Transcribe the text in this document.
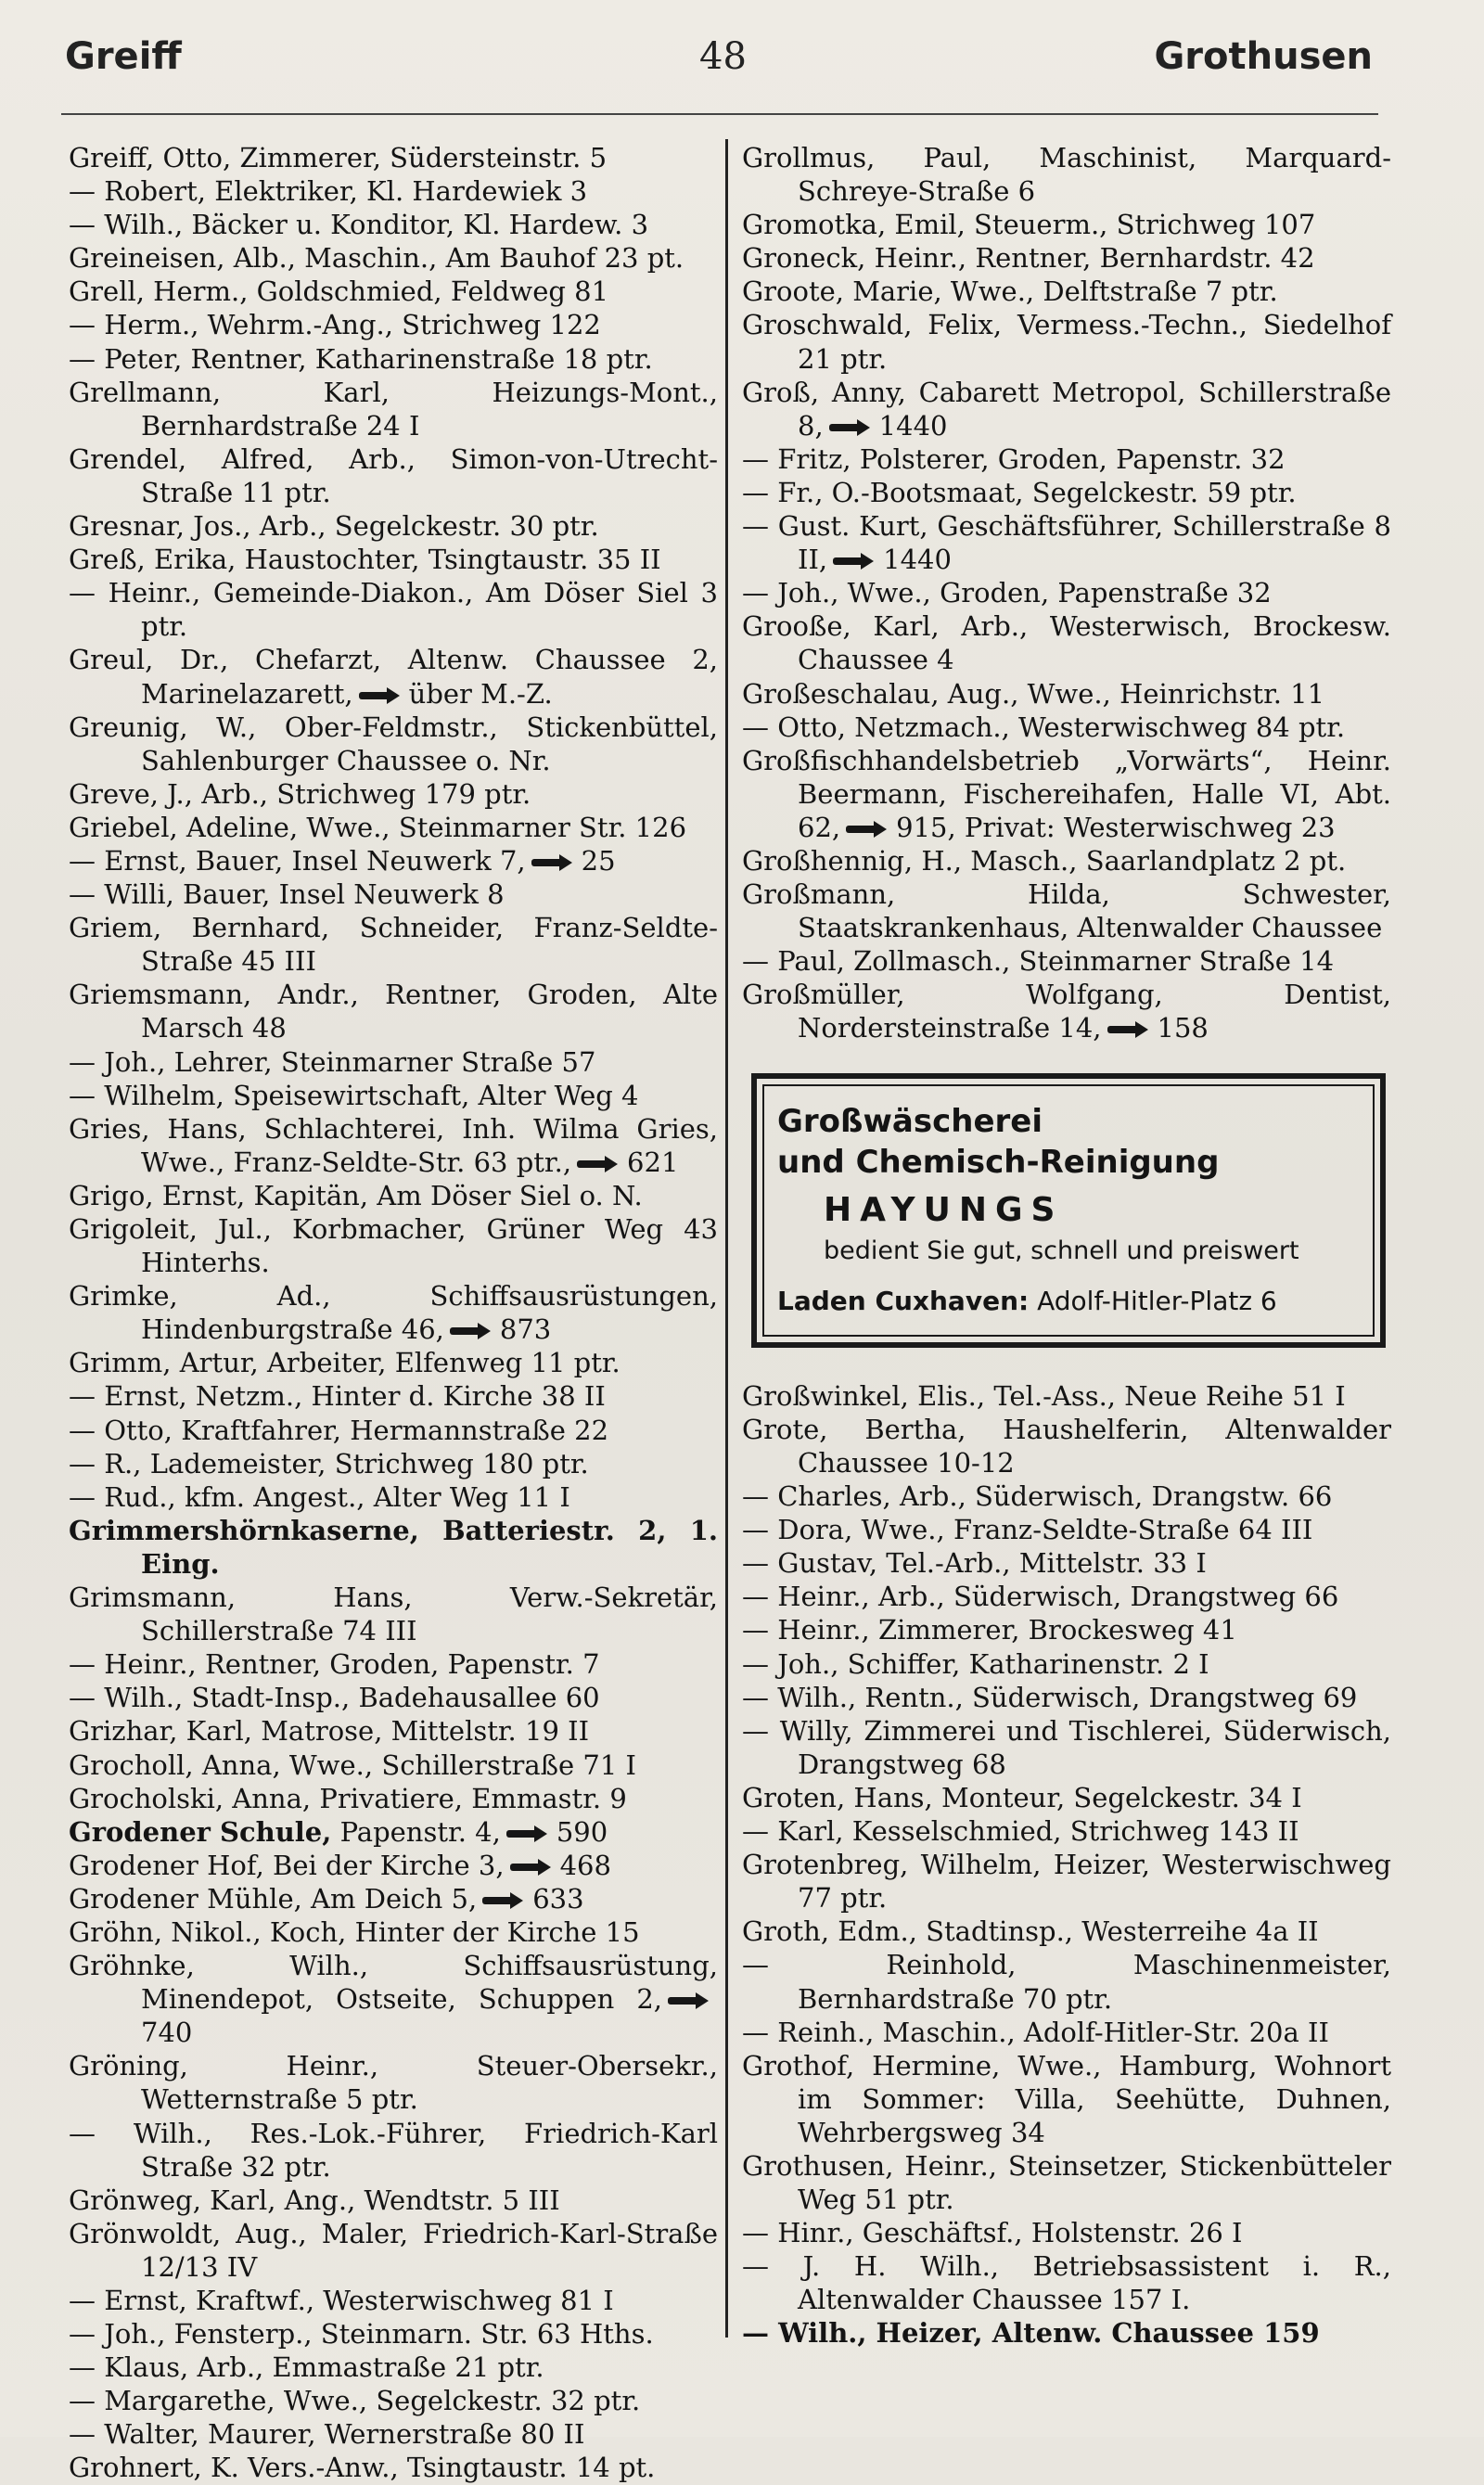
Greiff	48	Grothusen

Greiff, Otto, Zimmerer, Südersteinstr. 5

— Robert, Elektriker, Kl. Hardewiek 3

— Wilh., Bäcker u. Konditor, Kl. Hardew. 3

Greineisen, Alb., Maschin., Am Bauhof 23 pt.

Grell, Herm., Goldschmied, Feldweg 81

— Herm., Wehrm.-Ang., Strichweg 122

— Peter, Rentner, Katharinenstraße 18 ptr.

Grellmann, Karl, Heizungs-Mont., Bernhardstraße 24 I

Grendel, Alfred, Arb., Simon-von-Utrecht-Straße 11 ptr.

Gresnar, Jos., Arb., Segelckestr. 30 ptr.

Greß, Erika, Haustochter, Tsingtaustr. 35 II

— Heinr., Gemeinde-Diakon., Am Döser Siel 3 ptr.

Greul, Dr., Chefarzt, Altenw. Chaussee 2, Marinelazarett, über M.-Z.

Greunig, W., Ober-Feldmstr., Stickenbüttel, Sahlenburger Chaussee o. Nr.

Greve, J., Arb., Strichweg 179 ptr.

Griebel, Adeline, Wwe., Steinmarner Str. 126

— Ernst, Bauer, Insel Neuwerk 7, 25

— Willi, Bauer, Insel Neuwerk 8

Griem, Bernhard, Schneider, Franz-Seldte-Straße 45 III

Griemsmann, Andr., Rentner, Groden, Alte Marsch 48

— Joh., Lehrer, Steinmarner Straße 57

— Wilhelm, Speisewirtschaft, Alter Weg 4

Gries, Hans, Schlachterei, Inh. Wilma Gries, Wwe., Franz-Seldte-Str. 63 ptr., 621

Grigo, Ernst, Kapitän, Am Döser Siel o. N.

Grigoleit, Jul., Korbmacher, Grüner Weg 43 Hinterhs.

Grimke, Ad., Schiffsausrüstungen, Hindenburgstraße 46, 873

Grimm, Artur, Arbeiter, Elfenweg 11 ptr.

— Ernst, Netzm., Hinter d. Kirche 38 II

— Otto, Kraftfahrer, Hermannstraße 22

— R., Lademeister, Strichweg 180 ptr.

— Rud., kfm. Angest., Alter Weg 11 I

Grimmershörnkaserne, Batteriestr. 2, 1. Eing.

Grimsmann, Hans, Verw.-Sekretär, Schillerstraße 74 III

— Heinr., Rentner, Groden, Papenstr. 7

— Wilh., Stadt-Insp., Badehausallee 60

Grizhar, Karl, Matrose, Mittelstr. 19 II

Grocholl, Anna, Wwe., Schillerstraße 71 I

Grocholski, Anna, Privatiere, Emmastr. 9

Grodener Schule, Papenstr. 4, 590

Grodener Hof, Bei der Kirche 3, 468

Grodener Mühle, Am Deich 5, 633

Gröhn, Nikol., Koch, Hinter der Kirche 15

Gröhnke, Wilh., Schiffsausrüstung, Minendepot, Ostseite, Schuppen 2,740

Gröning, Heinr., Steuer-Obersekr., Wetternstraße 5 ptr.

— Wilh., Res.-Lok.-Führer, Friedrich-Karl Straße 32 ptr.

Grönweg, Karl, Ang., Wendtstr. 5 III

Grönwoldt, Aug., Maler, Friedrich-Karl-Straße 12/13 IV

— Ernst, Kraftwf., Westerwischweg 81 I

— Joh., Fensterp., Steinmarn. Str. 63 Hths.

— Klaus, Arb., Emmastraße 21 ptr.

— Margarethe, Wwe., Segelckestr. 32 ptr.

— Walter, Maurer, Wernerstraße 80 II

Grohnert, K. Vers.-Anw., Tsingtaustr. 14 pt.

Grollmus, Paul, Maschinist, Marquard-Schreye-Straße 6

Gromotka, Emil, Steuerm., Strichweg 107

Groneck, Heinr., Rentner, Bernhardstr. 42

Groote, Marie, Wwe., Delftstraße 7 ptr.

Groschwald, Felix, Vermess.-Techn., Siedelhof 21 ptr.

Groß, Anny, Cabarett Metropol, Schillerstraße 8, 1440

— Fritz, Polsterer, Groden, Papenstr. 32

— Fr., O.-Bootsmaat, Segelckestr. 59 ptr.

— Gust. Kurt, Geschäftsführer, Schillerstraße 8 II, 1440

— Joh., Wwe., Groden, Papenstraße 32

Grooße, Karl, Arb., Westerwisch, Brockesw. Chaussee 4

Großeschalau, Aug., Wwe., Heinrichstr. 11

— Otto, Netzmach., Westerwischweg 84 ptr.

Großfischhandelsbetrieb „Vorwärts“, Heinr. Beermann, Fischereihafen, Halle VI, Abt. 62, 915, Privat: Westerwischweg 23

Großhennig, H., Masch., Saarlandplatz 2 pt.

Großmann, Hilda, Schwester, Staatskrankenhaus, Altenwalder Chaussee

— Paul, Zollmasch., Steinmarner Straße 14

Großmüller, Wolfgang, Dentist, Nordersteinstraße 14, 158

Großwäscherei
und Chemisch-Reinigung
HAYUNGS
bedient Sie gut, schnell und preiswert
Laden Cuxhaven: Adolf-Hitler-Platz 6

Großwinkel, Elis., Tel.-Ass., Neue Reihe 51 I

Grote, Bertha, Haushelferin, Altenwalder Chaussee 10-12

— Charles, Arb., Süderwisch, Drangstw. 66

— Dora, Wwe., Franz-Seldte-Straße 64 III

— Gustav, Tel.-Arb., Mittelstr. 33 I

— Heinr., Arb., Süderwisch, Drangstweg 66

— Heinr., Zimmerer, Brockesweg 41

— Joh., Schiffer, Katharinenstr. 2 I

— Wilh., Rentn., Süderwisch, Drangstweg 69

— Willy, Zimmerei und Tischlerei, Süderwisch, Drangstweg 68

Groten, Hans, Monteur, Segelckestr. 34 I

— Karl, Kesselschmied, Strichweg 143 II

Grotenbreg, Wilhelm, Heizer, Westerwischweg 77 ptr.

Groth, Edm., Stadtinsp., Westerreihe 4a II

— Reinhold, Maschinenmeister, Bernhardstraße 70 ptr.

— Reinh., Maschin., Adolf-Hitler-Str. 20a II

Grothof, Hermine, Wwe., Hamburg, Wohnort im Sommer: Villa, Seehütte, Duhnen, Wehrbergsweg 34

Grothusen, Heinr., Steinsetzer, Stickenbütteler Weg 51 ptr.

— Hinr., Geschäftsf., Holstenstr. 26 I

— J. H. Wilh., Betriebsassistent i. R., Altenwalder Chaussee 157 I.

— Wilh., Heizer, Altenw. Chaussee 159
